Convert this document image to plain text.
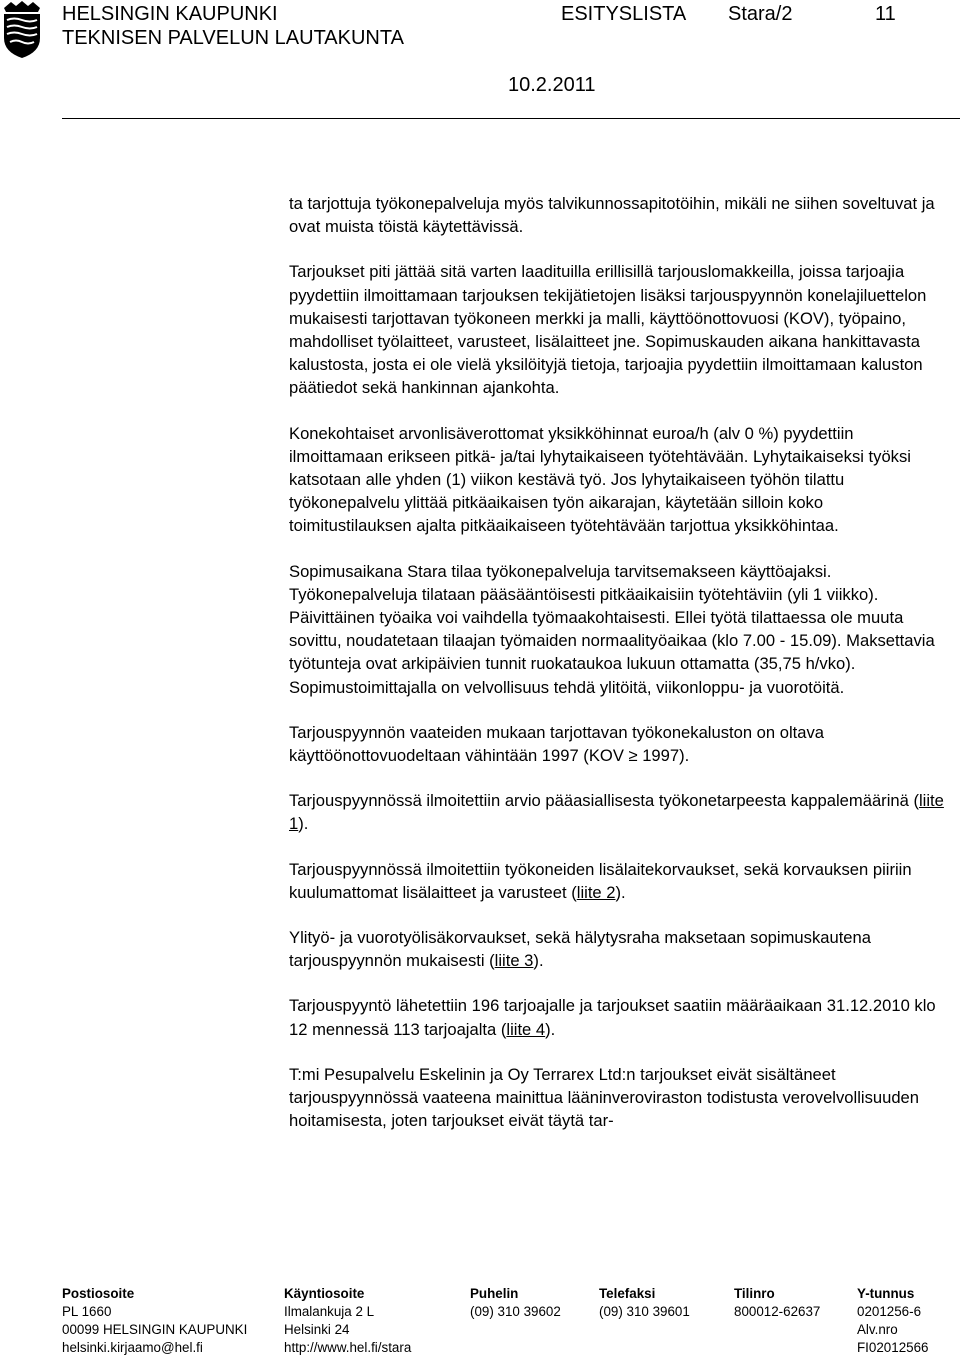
HELSINGIN KAUPUNKI
TEKNISEN PALVELUN LAUTAKUNTA
ESITYSLISTA Stara/2	11
10.2.2011

ta tarjottuja työkonepalveluja myös talvikunnossapitotöihin, mikäli ne siihen soveltuvat ja ovat muista töistä käytettävissä.

Tarjoukset piti jättää sitä varten laadituilla erillisillä tarjouslomakkeilla, joissa tarjoajia pyydettiin ilmoittamaan tarjouksen tekijätietojen lisäksi tarjouspyynnön konelajiluettelon mukaisesti tarjottavan työkoneen merkki ja malli, käyttöönottovuosi (KOV), työpaino, mahdolliset työlaitteet, varusteet, lisälaitteet jne. Sopimuskauden aikana hankittavasta kalustosta, josta ei ole vielä yksilöityjä tietoja, tarjoajia pyydettiin ilmoittamaan kaluston päätiedot sekä hankinnan ajankohta.

Konekohtaiset arvonlisäverottomat yksikköhinnat euroa/h (alv 0 %) pyydettiin ilmoittamaan erikseen pitkä- ja/tai lyhytaikaiseen työtehtävään. Lyhytaikaiseksi työksi katsotaan alle yhden (1) viikon kestävä työ. Jos lyhytaikaiseen työhön tilattu työkonepalvelu ylittää pitkäaikaisen työn aikarajan, käytetään silloin koko toimitustilauksen ajalta pitkäaikaiseen työtehtävään tarjottua yksikköhintaa.

Sopimusaikana Stara tilaa työkonepalveluja tarvitsemakseen käyttöajaksi. Työkonepalveluja tilataan pääsääntöisesti pitkäaikaisiin työtehtäviin (yli 1 viikko). Päivittäinen työaika voi vaihdella työmaakohtaisesti. Ellei työtä tilattaessa ole muuta sovittu, noudatetaan tilaajan työmaiden normaalityöaikaa (klo 7.00 - 15.09). Maksettavia työtunteja ovat arkipäivien tunnit ruokataukoa lukuun ottamatta (35,75 h/vko). Sopimustoimittajalla on velvollisuus tehdä ylitöitä, viikonloppu- ja vuorotöitä.

Tarjouspyynnön vaateiden mukaan tarjottavan työkonekaluston on oltava käyttöönottovuodeltaan vähintään 1997 (KOV ≥ 1997).

Tarjouspyynnössä ilmoitettiin arvio pääasiallisesta työkonetarpeesta kappalemäärinä (liite 1).

Tarjouspyynnössä ilmoitettiin työkoneiden lisälaitekorvaukset, sekä korvauksen piiriin kuulumattomat lisälaitteet ja varusteet (liite 2).

Ylityö- ja vuorotyölisäkorvaukset, sekä hälytysraha maksetaan sopimuskautena tarjouspyynnön mukaisesti (liite 3).

Tarjouspyyntö lähetettiin 196 tarjoajalle ja tarjoukset saatiin määräaikaan 31.12.2010 klo 12 mennessä 113 tarjoajalta (liite 4).

T:mi Pesupalvelu Eskelinin ja Oy Terrarex Ltd:n tarjoukset eivät sisältäneet tarjouspyynnössä vaateena mainittua lääninveroviraston todistusta verovelvollisuuden hoitamisesta, joten tarjoukset eivät täytä tar-

Postiosoite
PL 1660
00099 HELSINGIN KAUPUNKI
helsinki.kirjaamo@hel.fi
Käyntiosoite
Ilmalankuja 2 L
Helsinki 24
http://www.hel.fi/stara
Puhelin
(09) 310 39602
Telefaksi
(09) 310 39601
Tilinro
800012-62637
Y-tunnus
0201256-6
Alv.nro
FI02012566
